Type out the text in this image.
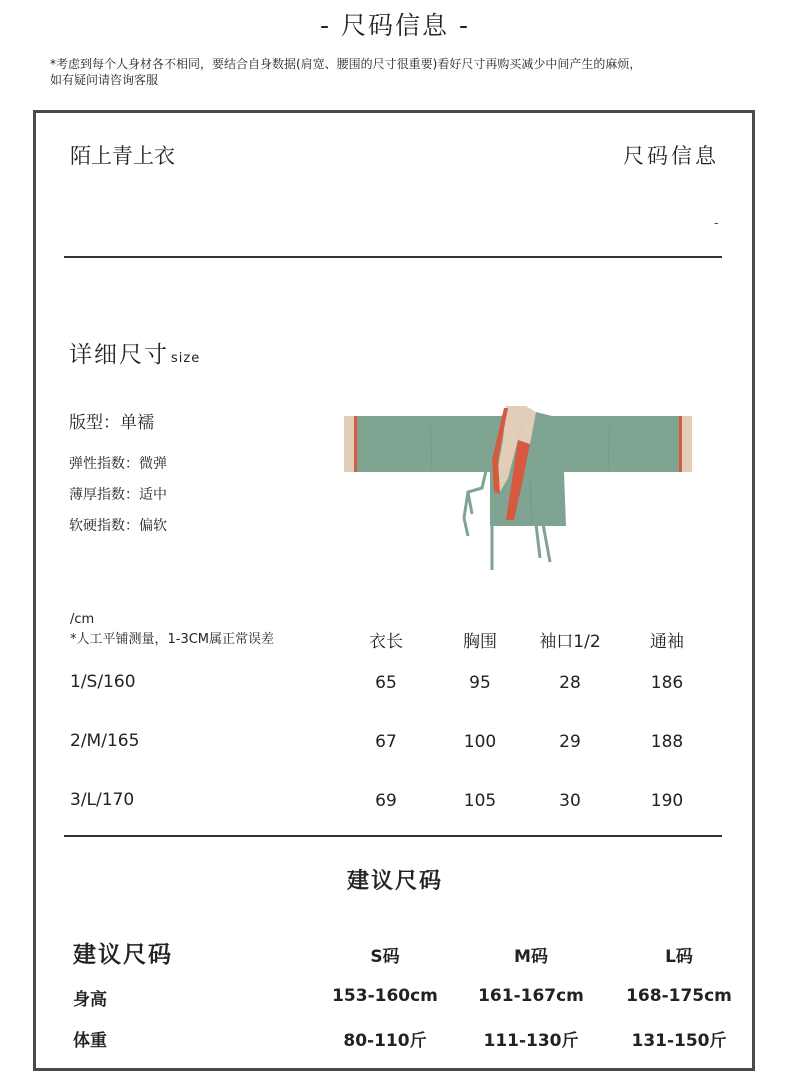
- 尺码信息 -
*考虑到每个人身材各不相同，要结合自身数据(肩宽、腰围的尺寸很重要)看好尺寸再购买减少中间产生的麻烦，
如有疑问请咨询客服
陌上青上衣	尺码信息
-
详细尺寸 size
版型：单襦
弹性指数：微弹
薄厚指数：适中
软硬指数：偏软
/cm
*人工平铺测量，1-3CM属正常误差	衣长	胸围	袖口1/2	通袖
1/S/160	65	95	28	186
2/M/165	67	100	29	188
3/L/170	69	105	30	190
建议尺码
建议尺码	S码	M码	L码
身高	153-160cm	161-167cm	168-175cm
体重	80-110斤	111-130斤	131-150斤
